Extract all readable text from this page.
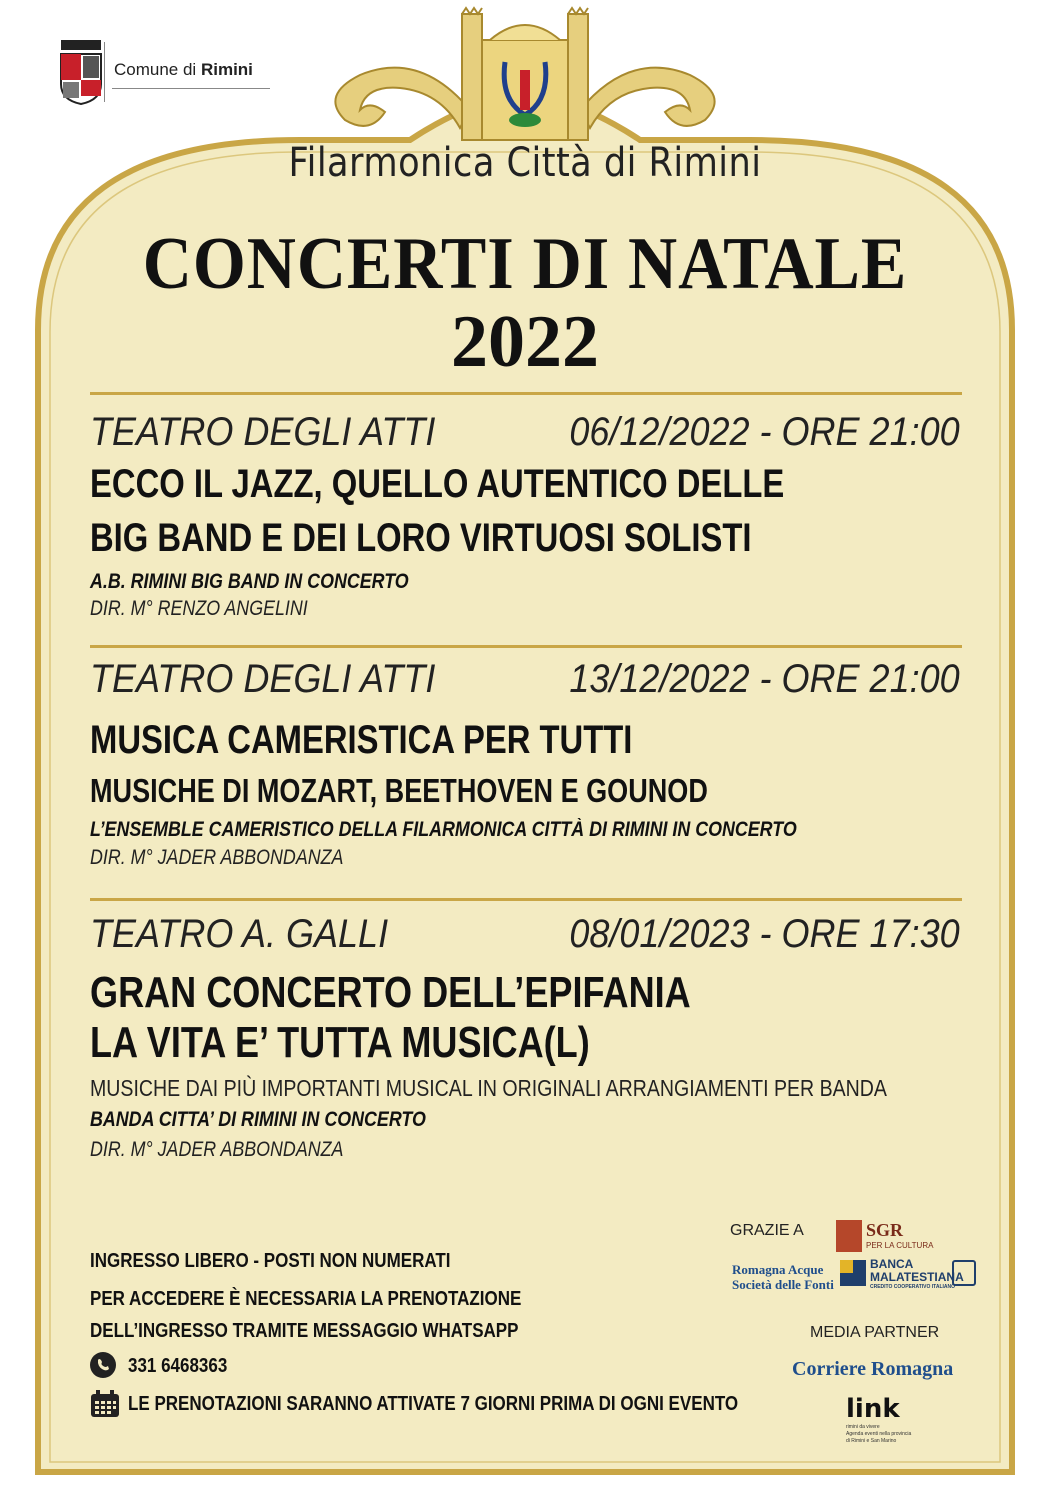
Comune di Rimini
Filarmonica Città di Rimini
CONCERTI DI NATALE
2022
TEATRO DEGLI ATTI	06/12/2022 - ORE 21:00
ECCO IL JAZZ, QUELLO AUTENTICO DELLE
BIG BAND E DEI LORO VIRTUOSI SOLISTI
A.B. RIMINI BIG BAND IN CONCERTO
DIR. M° RENZO ANGELINI
TEATRO DEGLI ATTI	13/12/2022 - ORE 21:00
MUSICA CAMERISTICA PER TUTTI
MUSICHE DI MOZART, BEETHOVEN E GOUNOD
L’ENSEMBLE CAMERISTICO DELLA FILARMONICA CITTÀ DI RIMINI IN CONCERTO
DIR. M° JADER ABBONDANZA
TEATRO A. GALLI	08/01/2023 - ORE 17:30
GRAN CONCERTO DELL’EPIFANIA
LA VITA E’ TUTTA MUSICA(L)
MUSICHE DAI PIÙ IMPORTANTI MUSICAL IN ORIGINALI ARRANGIAMENTI PER BANDA
BANDA CITTA’ DI RIMINI IN CONCERTO
DIR. M° JADER ABBONDANZA
INGRESSO LIBERO - POSTI NON NUMERATI
PER ACCEDERE È NECESSARIA LA PRENOTAZIONE
DELL’INGRESSO TRAMITE MESSAGGIO WHATSAPP
331 6468363
LE PRENOTAZIONI SARANNO ATTIVATE 7 GIORNI PRIMA DI OGNI EVENTO
GRAZIE A	SGR
PER LA CULTURA
Romagna Acque
Società delle Fonti
BANCA
MALATESTIANA
CREDITO COOPERATIVO ITALIANO
MEDIA PARTNER
Corriere Romagna
link
rimini da vivere
Agenda eventi nella provincia
di Rimini e San Marino
